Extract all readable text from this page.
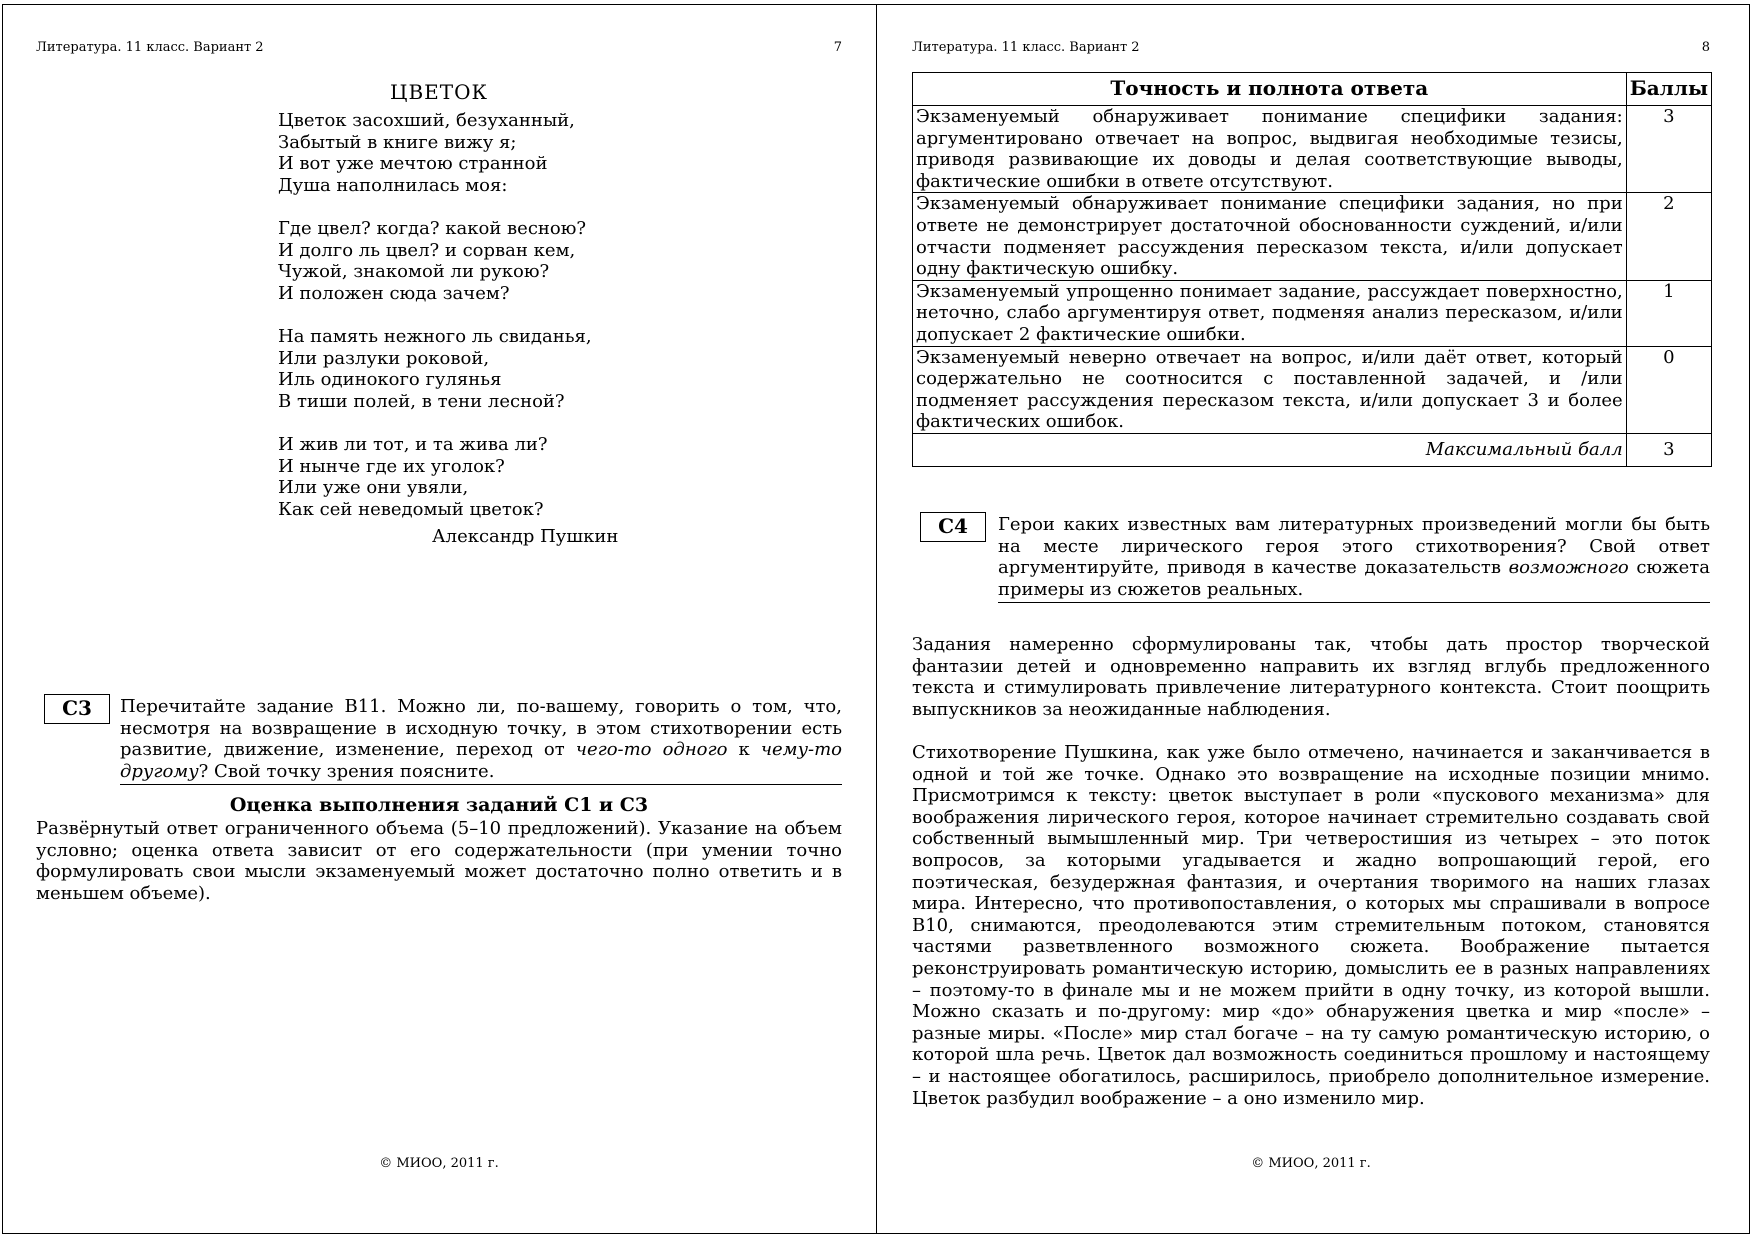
Литература. 11 класс. Вариант 2	7
ЦВЕТОК
Цветок засохший, безуханный,
Забытый в книге вижу я;
И вот уже мечтою странной
Душа наполнилась моя:
Где цвел? когда? какой весною?
И долго ль цвел? и сорван кем,
Чужой, знакомой ли рукою?
И положен сюда зачем?
На память нежного ль свиданья,
Или разлуки роковой,
Иль одинокого гулянья
В тиши полей, в тени лесной?
И жив ли тот, и та жива ли?
И нынче где их уголок?
Или уже они увяли,
Как сей неведомый цветок?
Александр Пушкин
С3	Перечитайте задание В11. Можно ли, по-вашему, говорить о том, что, несмотря на возвращение в исходную точку, в этом стихотворении есть развитие, движение, изменение, переход от чего-то одного к чему-то другому? Свой точку зрения поясните.
Оценка выполнения заданий С1 и С3
Развёрнутый ответ ограниченного объема (5–10 предложений). Указание на объем условно; оценка ответа зависит от его содержательности (при умении точно формулировать свои мысли экзаменуемый может достаточно полно ответить и в меньшем объеме).
© МИОО, 2011 г.
Литература. 11 класс. Вариант 2	8
Точность и полнота ответа	Баллы
Экзаменуемый обнаруживает понимание специфики задания: аргументировано отвечает на вопрос, выдвигая необходимые тезисы, приводя развивающие их доводы и делая соответствующие выводы, фактические ошибки в ответе отсутствуют.	3
Экзаменуемый обнаруживает понимание специфики задания, но при ответе не демонстрирует достаточной обоснованности суждений, и/или отчасти подменяет рассуждения пересказом текста, и/или допускает одну фактическую ошибку.	2
Экзаменуемый упрощенно понимает задание, рассуждает поверхностно, неточно, слабо аргументируя ответ, подменяя анализ пересказом, и/или допускает 2 фактические ошибки.	1
Экзаменуемый неверно отвечает на вопрос, и/или даёт ответ, который содержательно не соотносится с поставленной задачей, и /или подменяет рассуждения пересказом текста, и/или допускает 3 и более фактических ошибок.	0
Максимальный балл	3
С4	Герои каких известных вам литературных произведений могли бы быть на месте лирического героя этого стихотворения? Свой ответ аргументируйте, приводя в качестве доказательств возможного сюжета примеры из сюжетов реальных.
Задания намеренно сформулированы так, чтобы дать простор творческой фантазии детей и одновременно направить их взгляд вглубь предложенного текста и стимулировать привлечение литературного контекста. Стоит поощрить выпускников за неожиданные наблюдения.
Стихотворение Пушкина, как уже было отмечено, начинается и заканчивается в одной и той же точке. Однако это возвращение на исходные позиции мнимо. Присмотримся к тексту: цветок выступает в роли «пускового механизма» для воображения лирического героя, которое начинает стремительно создавать свой собственный вымышленный мир. Три четверостишия из четырех – это поток вопросов, за которыми угадывается и жадно вопрошающий герой, его поэтическая, безудержная фантазия, и очертания творимого на наших глазах мира. Интересно, что противопоставления, о которых мы спрашивали в вопросе В10, снимаются, преодолеваются этим стремительным потоком, становятся частями разветвленного возможного сюжета. Воображение пытается реконструировать романтическую историю, домыслить ее в разных направлениях – поэтому-то в финале мы и не можем прийти в одну точку, из которой вышли. Можно сказать и по-другому: мир «до» обнаружения цветка и мир «после» – разные миры. «После» мир стал богаче – на ту самую романтическую историю, о которой шла речь. Цветок дал возможность соединиться прошлому и настоящему – и настоящее обогатилось, расширилось, приобрело дополнительное измерение. Цветок разбудил воображение – а оно изменило мир.
© МИОО, 2011 г.
